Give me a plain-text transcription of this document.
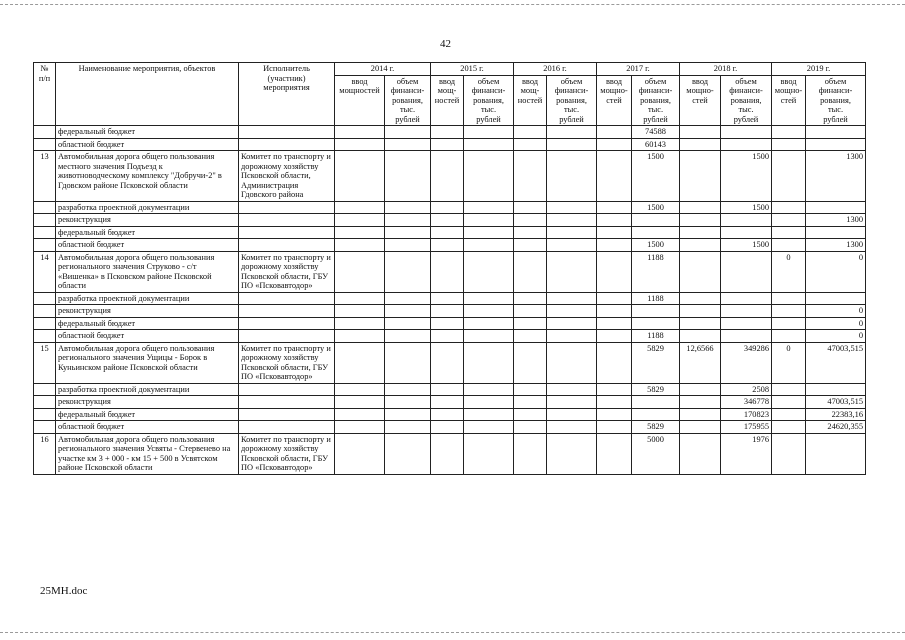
42
№
п/п	Наименование мероприятия, объектов	Исполнитель
(участник)
мероприятия	2014 г.		2015 г.		2016 г.		2017 г.		2018 г.		2019 г.	
			ввод
мощностей	объем
финанси-
рования,
тыс.
рублей	ввод
мощ-
ностей	объем
финанси-
рования,
тыс.
рублей	ввод
мощ-
ностей	объем
финанси-
рования,
тыс.
рублей	ввод
мощно-
стей	объем
финанси-
рования,
тыс.
рублей	ввод
мощно-
стей	объем
финанси-
рования,
тыс.
рублей	ввод
мощно-
стей	объем
финанси-
рования,
тыс.
рублей
	федеральный бюджет									74588				
	областной бюджет									60143				
13	Автомобильная дорога общего пользования местного значения Подъезд к животноводческому комплексу "Добручи-2" в Гдовском районе Псковской области	Комитет по транспорту и дорожному хозяйству Псковской области, Администрация Гдовского района								1500		1500		1300
	разработка проектной документации									1500		1500		
	реконструкция													1300
	федеральный бюджет													
	областной бюджет									1500		1500		1300
14	Автомобильная дорога общего пользования регионального значения Струково - с/т «Вишенка» в Псковском районе Псковской области	Комитет по транспорту и дорожному хозяйству Псковской области, ГБУ ПО «Псковавтодор»								1188			0	0
	разработка проектной документации									1188				
	реконструкция													0
	федеральный бюджет													0
	областной бюджет									1188				0
15	Автомобильная дорога общего пользования регионального значения Ущицы - Борок в Куньинском районе Псковской области	Комитет по транспорту и дорожному хозяйству Псковской области, ГБУ ПО «Псковавтодор»								5829	12,6566	349286	0	47003,515
	разработка проектной документации									5829		2508		
	реконструкция											346778		47003,515
	федеральный бюджет											170823		22383,16
	областной бюджет									5829		175955		24620,355
16	Автомобильная дорога общего пользования регионального значения Усвяты - Стервенево на участке км 3 + 000 - км 15 + 500 в Усвятском районе Псковской области	Комитет по транспорту и дорожному хозяйству Псковской области, ГБУ ПО «Псковавтодор»								5000		1976		
25МН.doc
